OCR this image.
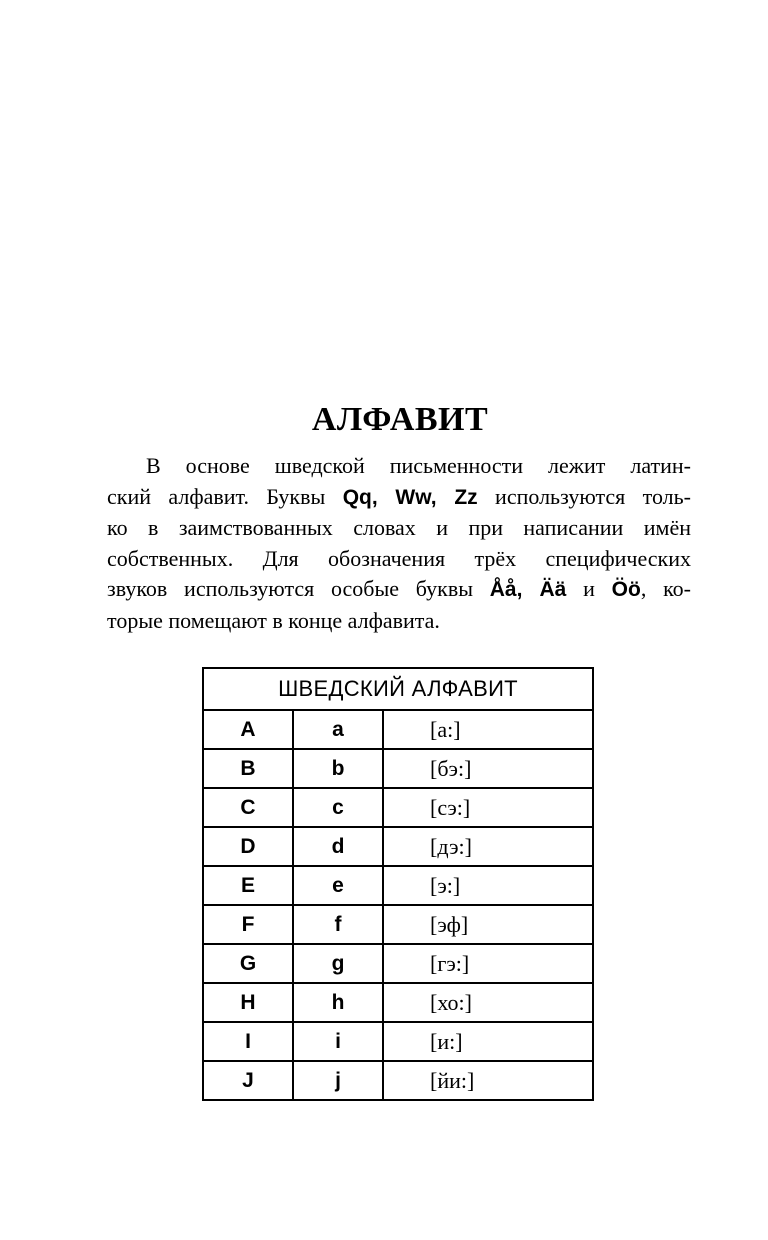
АЛФАВИТ
В основе шведской письменности лежит латин-
ский алфавит. Буквы Qq, Ww, Zz используются толь-
ко в заимствованных словах и при написании имён
собственных. Для обозначения трёх специфических
звуков используются особые буквы Åå, Ää и Öö, ко-
торые помещают в конце алфавита.
ШВЕДСКИЙ АЛФАВИТ		
A	a	[а:]
B	b	[бэ:]
C	c	[сэ:]
D	d	[дэ:]
E	e	[э:]
F	f	[эф]
G	g	[гэ:]
H	h	[хо:]
I	i	[и:]
J	j	[йи:]
